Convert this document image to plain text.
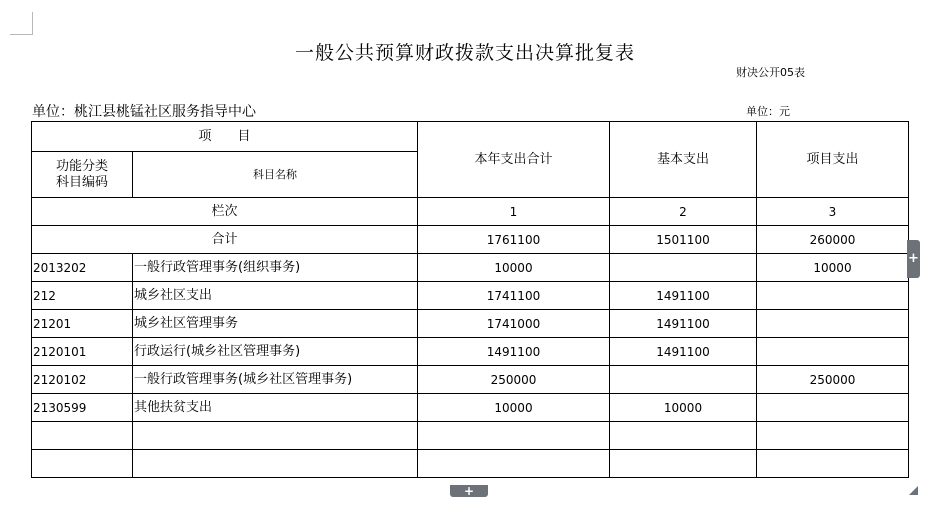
一般公共预算财政拨款支出决算批复表
财决公开05表
单位：桃江县桃锰社区服务指导中心	单位：元
项　　目		本年支出合计	基本支出	项目支出
功能分类
科目编码	科目名称			
栏次		1	2	3
合计		1761100	1501100	260000
2013202	一般行政管理事务(组织事务)	10000		10000
212	城乡社区支出	1741100	1491100	
21201	城乡社区管理事务	1741000	1491100	
2120101	行政运行(城乡社区管理事务)	1491100	1491100	
2120102	一般行政管理事务(城乡社区管理事务)	250000		250000
2130599	其他扶贫支出	10000	10000	

+
+
